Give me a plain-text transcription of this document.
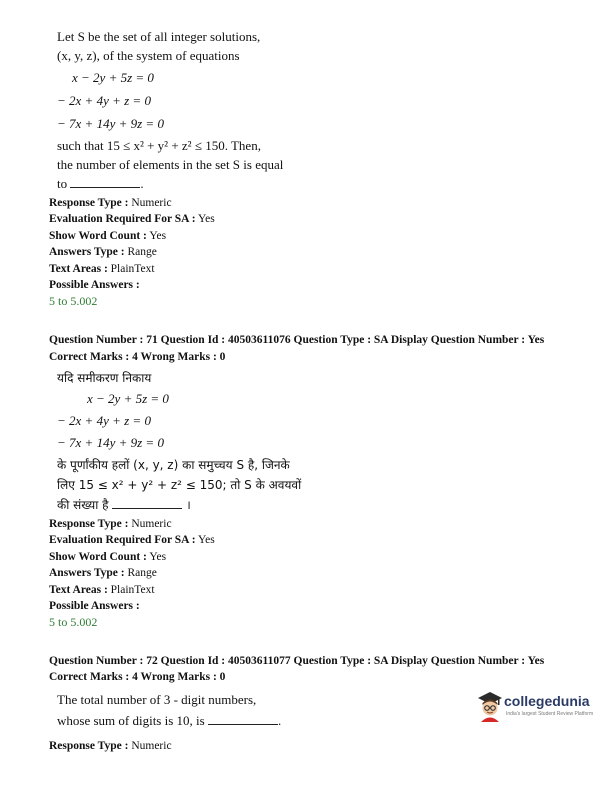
Let S be the set of all integer solutions,
(x, y, z), of the system of equations
x − 2y + 5z = 0
− 2x + 4y + z = 0
− 7x + 14y + 9z = 0
such that 15 ≤ x² + y² + z² ≤ 150. Then,
the number of elements in the set S is equal
to	.
Response Type : Numeric
Evaluation Required For SA : Yes
Show Word Count : Yes
Answers Type : Range
Text Areas : PlainText
Possible Answers :
5 to 5.002
Question Number : 71 Question Id : 40503611076 Question Type : SA Display Question Number : Yes
Correct Marks : 4 Wrong Marks : 0
यदि समीकरण निकाय
x − 2y + 5z = 0
− 2x + 4y + z = 0
− 7x + 14y + 9z = 0
के पूर्णांकीय हलों (x, y, z) का समुच्चय S है, जिनके
लिए 15 ≤ x² + y² + z² ≤ 150; तो S के अवयवों
की संख्या है	।
Response Type : Numeric
Evaluation Required For SA : Yes
Show Word Count : Yes
Answers Type : Range
Text Areas : PlainText
Possible Answers :
5 to 5.002
Question Number : 72 Question Id : 40503611077 Question Type : SA Display Question Number : Yes
Correct Marks : 4 Wrong Marks : 0
The total number of 3 - digit numbers,
whose sum of digits is 10, is	.
Response Type : Numeric
collegedunia
India's largest Student Review Platform
